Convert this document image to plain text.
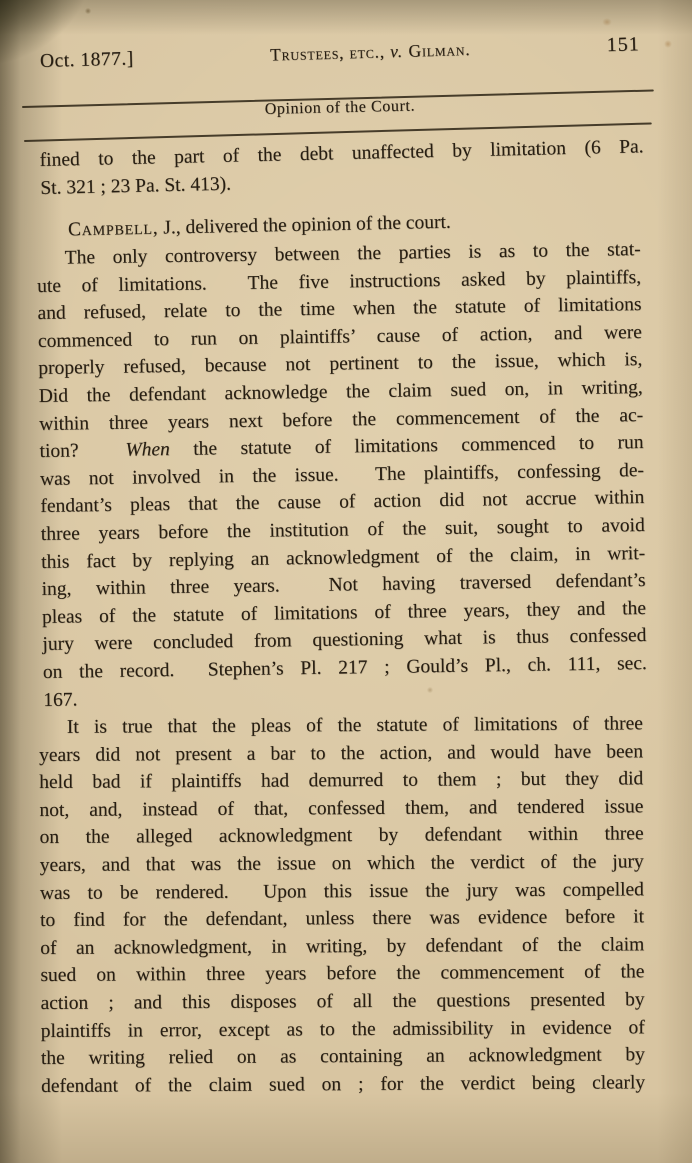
Oct. 1877.]	Trustees, etc., v. Gilman.	151
Opinion of the Court.
fined to the part of the debt unaffected by limitation (6 Pa.
St. 321 ; 23 Pa. St. 413).
Campbell, J., delivered the opinion of the court.
The only controversy between the parties is as to the stat-
ute of limitations.  The five instructions asked by plaintiffs,
and refused, relate to the time when the statute of limitations
commenced to run on plaintiffs’ cause of action, and were
properly refused, because not pertinent to the issue, which is,
Did the defendant acknowledge the claim sued on, in writing,
within three years next before the commencement of the ac-
tion?  When the statute of limitations commenced to run
was not involved in the issue.  The plaintiffs, confessing de-
fendant’s pleas that the cause of action did not accrue within
three years before the institution of the suit, sought to avoid
this fact by replying an acknowledgment of the claim, in writ-
ing, within three years.  Not having traversed defendant’s
pleas of the statute of limitations of three years, they and the
jury were concluded from questioning what is thus confessed
on the record.  Stephen’s Pl. 217 ; Gould’s Pl., ch. 111, sec.
167.
It is true that the pleas of the statute of limitations of three
years did not present a bar to the action, and would have been
held bad if plaintiffs had demurred to them ; but they did
not, and, instead of that, confessed them, and tendered issue
on the alleged acknowledgment by defendant within three
years, and that was the issue on which the verdict of the jury
was to be rendered.  Upon this issue the jury was compelled
to find for the defendant, unless there was evidence before it
of an acknowledgment, in writing, by defendant of the claim
sued on within three years before the commencement of the
action ; and this disposes of all the questions presented by
plaintiffs in error, except as to the admissibility in evidence of
the writing relied on as containing an acknowledgment by
defendant of the claim sued on ; for the verdict being clearly
